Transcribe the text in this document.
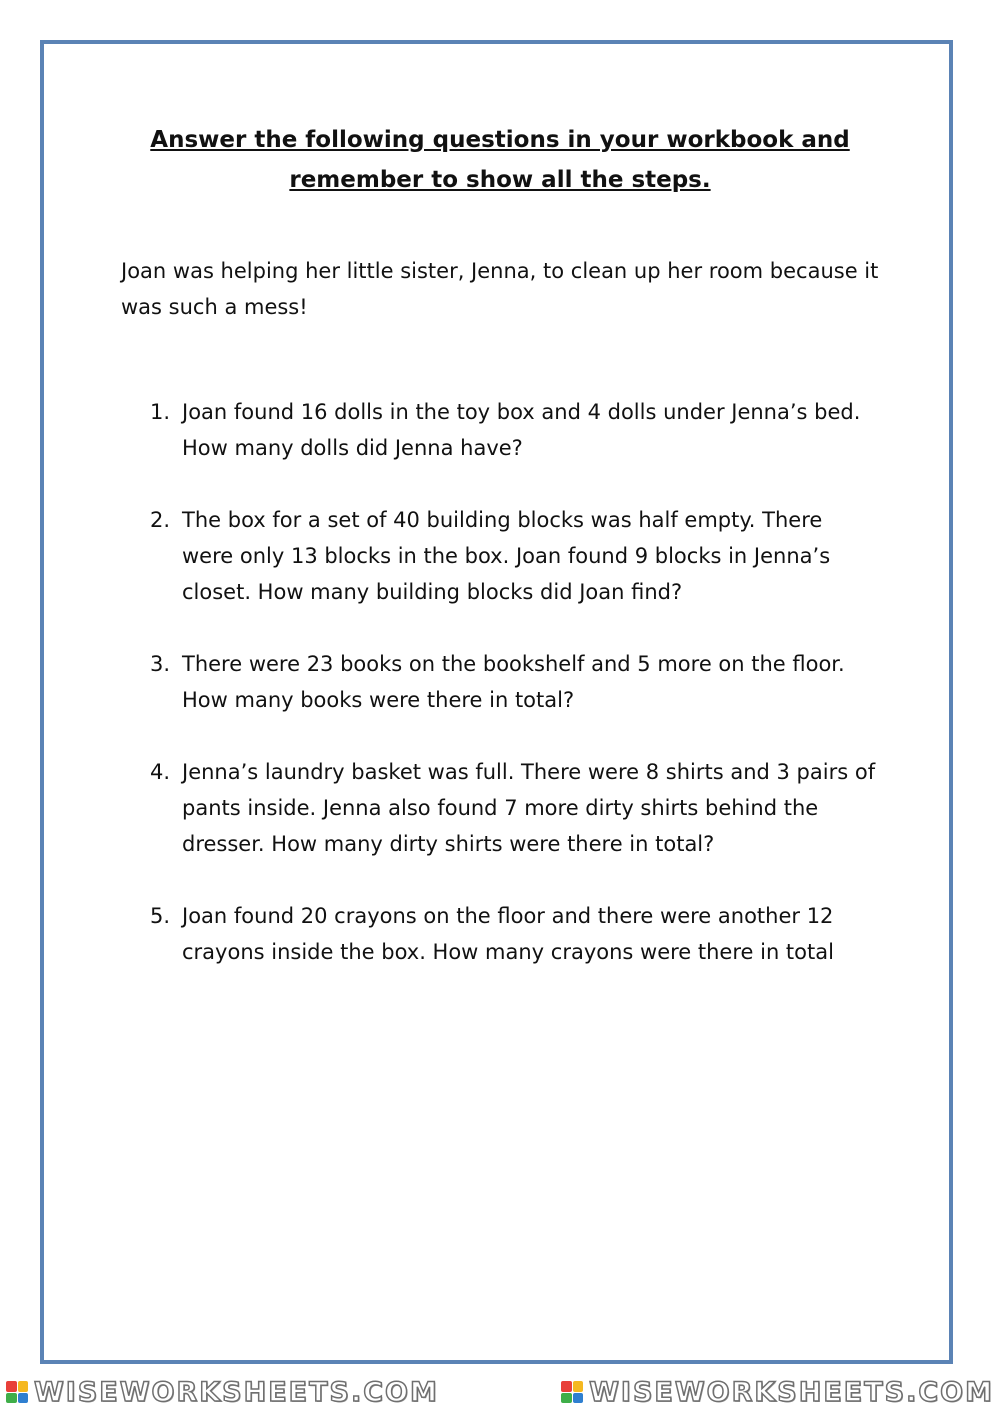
Answer the following questions in your workbook and
remember to show all the steps.

Joan was helping her little sister, Jenna, to clean up her room because it was such a mess!

1. Joan found 16 dolls in the toy box and 4 dolls under Jenna’s bed. How many dolls did Jenna have?
2. The box for a set of 40 building blocks was half empty. There were only 13 blocks in the box. Joan found 9 blocks in Jenna’s closet. How many building blocks did Joan find?
3. There were 23 books on the bookshelf and 5 more on the floor. How many books were there in total?
4. Jenna’s laundry basket was full. There were 8 shirts and 3 pairs of pants inside. Jenna also found 7 more dirty shirts behind the dresser. How many dirty shirts were there in total?
5. Joan found 20 crayons on the floor and there were another 12 crayons inside the box. How many crayons were there in total
WISEWORKSHEETS.COM	WISEWORKSHEETS.COM
